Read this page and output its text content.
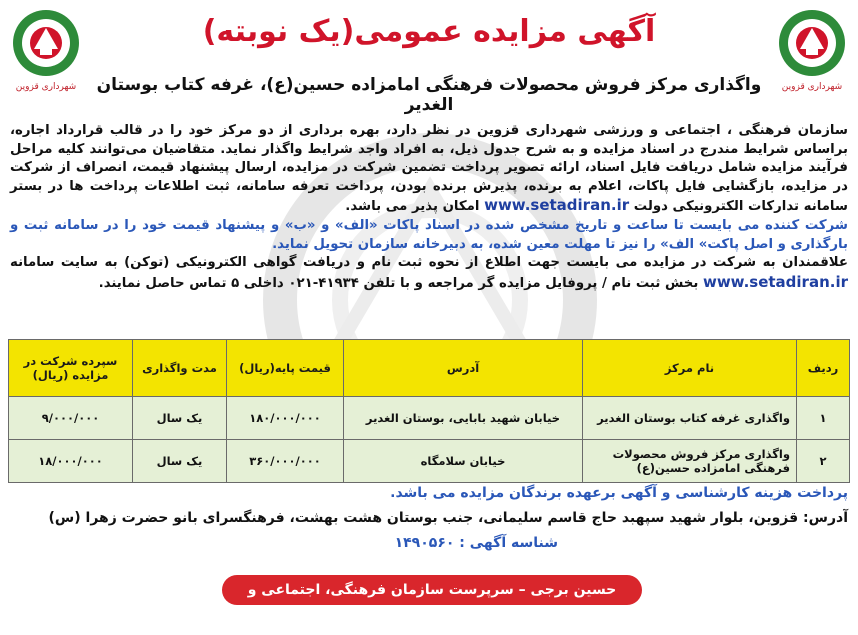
شهرداری قزوین
شهرداری قزوین
آگهی مزایده عمومی(یک نوبته)
واگذاری مرکز فروش محصولات فرهنگی امامزاده حسین(ع)، غرفه کتاب بوستان الغدیر

سازمان فرهنگی ، اجتماعی و ورزشی شهرداری قزوین در نظر دارد، بهره برداری از دو مرکز خود را در قالب قرارداد اجاره، براساس شرایط مندرج در اسناد مزایده و به شرح جدول ذیل، به افراد واجد شرایط واگذار نماید. متقاضیان می‌توانند کلیه مراحل فرآیند مزایده شامل دریافت فایل اسناد، ارائه تصویر پرداخت تضمین شرکت در مزایده، ارسال پیشنهاد قیمت، انصراف از شرکت در مزایده، بازگشایی فایل پاکات، اعلام به برنده، پذیرش برنده بودن، پرداخت تعرفه سامانه، ثبت اطلاعات پرداخت ها در بستر سامانه تدارکات الکترونیکی دولت www.setadiran.ir امکان پذیر می باشد.

شرکت کننده می بایست تا ساعت و تاریخ مشخص شده در اسناد پاکات «الف» و «ب» و پیشنهاد قیمت خود را در سامانه ثبت و بارگذاری و اصل پاکت» الف» را نیز تا مهلت معین شده، به دبیرخانه سازمان تحویل نماید.

علاقمندان به شرکت در مزایده می بایست جهت اطلاع از نحوه ثبت نام و دریافت گواهی الکترونیکی (توکن) به سایت سامانه www.setadiran.ir بخش ثبت نام / پروفایل مزایده گر مراجعه و با تلفن ۴۱۹۳۴-۰۲۱ داخلی ۵ تماس حاصل نمایند.

ردیف	نام مرکز	آدرس	قیمت پایه(ریال)	مدت واگذاری	سپرده شرکت در مزایده (ریال)
۱	واگذاری غرفه کتاب بوستان الغدیر	خیابان شهید بابایی، بوستان الغدیر	۱۸۰/۰۰۰/۰۰۰	یک سال	۹/۰۰۰/۰۰۰
۲	واگذاری مرکز فروش محصولات فرهنگی امامزاده حسین(ع)	خیابان سلامگاه	۳۶۰/۰۰۰/۰۰۰	یک سال	۱۸/۰۰۰/۰۰۰
پرداخت هزینه کارشناسی و آگهی برعهده برندگان مزایده می باشد.
آدرس: قزوین، بلوار شهید سپهبد حاج قاسم سلیمانی، جنب بوستان هشت بهشت، فرهنگسرای بانو حضرت زهرا (س)
شناسه آگهی : ۱۴۹۰۵۶۰
حسین برجی – سرپرست سازمان فرهنگی، اجتماعی و ورزشی
